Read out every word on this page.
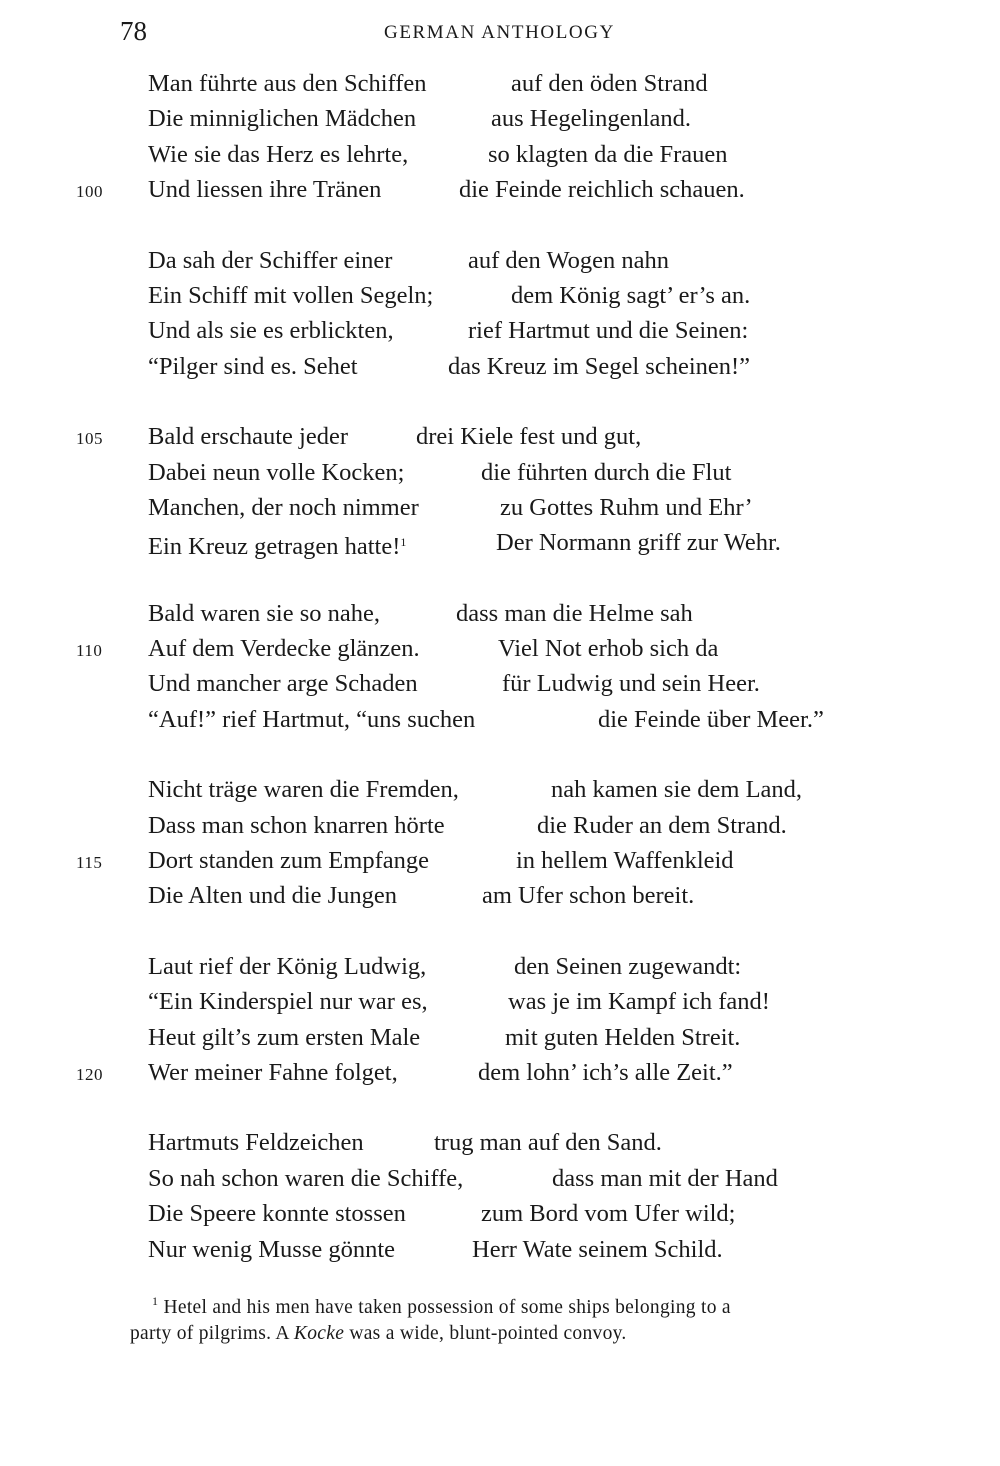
78	GERMAN ANTHOLOGY
Man führte aus den Schiffen	auf den öden Strand
Die minniglichen Mädchen	aus Hegelingenland.
Wie sie das Herz es lehrte,	so klagten da die Frauen
100 Und liessen ihre Tränen	die Feinde reichlich schauen.
Da sah der Schiffer einer	auf den Wogen nahn
Ein Schiff mit vollen Segeln;	dem König sagt’ er’s an.
Und als sie es erblickten,	rief Hartmut und die Seinen:
“Pilger sind es. Sehet	das Kreuz im Segel scheinen!”
105 Bald erschaute jeder	drei Kiele fest und gut,
Dabei neun volle Kocken;	die führten durch die Flut
Manchen, der noch nimmer	zu Gottes Ruhm und Ehr’
Ein Kreuz getragen hatte!$^1$	Der Normann griff zur Wehr.
Bald waren sie so nahe,	dass man die Helme sah
110 Auf dem Verdecke glänzen.	Viel Not erhob sich da
Und mancher arge Schaden	für Ludwig und sein Heer.
“Auf!” rief Hartmut, “uns suchen	die Feinde über Meer.”
Nicht träge waren die Fremden,	nah kamen sie dem Land,
Dass man schon knarren hörte	die Ruder an dem Strand.
115 Dort standen zum Empfange	in hellem Waffenkleid
Die Alten und die Jungen	am Ufer schon bereit.
Laut rief der König Ludwig,	den Seinen zugewandt:
“Ein Kinderspiel nur war es,	was je im Kampf ich fand!
Heut gilt’s zum ersten Male	mit guten Helden Streit.
120 Wer meiner Fahne folget,	dem lohn’ ich’s alle Zeit.”
Hartmuts Feldzeichen	trug man auf den Sand.
So nah schon waren die Schiffe,	dass man mit der Hand
Die Speere konnte stossen	zum Bord vom Ufer wild;
Nur wenig Musse gönnte	Herr Wate seinem Schild.
$^1$ Hetel and his men have taken possession of some ships belonging to a
party of pilgrims. A Kocke was a wide, blunt-pointed convoy.
